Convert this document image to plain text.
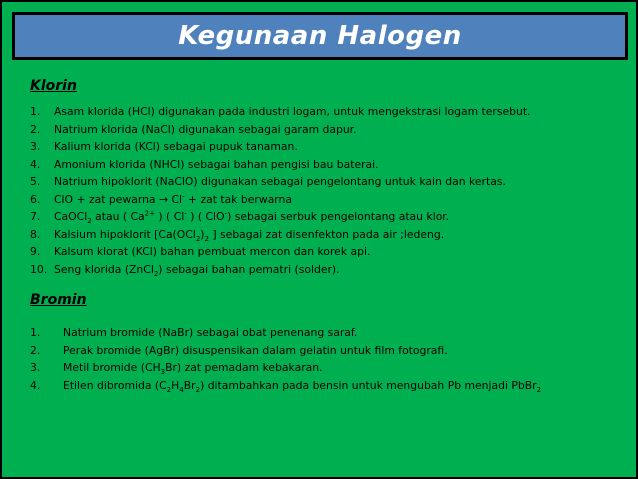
Kegunaan Halogen
Klorin
1.	Asam klorida (HCl) digunakan pada industri logam, untuk mengekstrasi logam tersebut.
2.	Natrium klorida (NaCl) digunakan sebagai garam dapur.
3.	Kalium klorida (KCl) sebagai pupuk tanaman.
4.	Amonium klorida (NHCl) sebagai bahan pengisi bau baterai.
5.	Natrium hipoklorit (NaClO) digunakan sebagai pengelontang untuk kain dan kertas.
6.	ClO + zat pewarna → Cl- + zat tak berwarna
7.	CaOCl$_2$ atau ( $Ca^{2+}$ ) ( Cl- ) ( ClO-) sebagai serbuk pengelontang atau klor.
8.	Kalsium hipoklorit [$Ca(OCl_2)_2$ ] sebagai zat disenfekton pada air ;ledeng.
9.	Kalsum klorat (KCl) bahan pembuat mercon dan korek api.
10. Seng klorida (ZnCl$_2$) sebagai bahan pematri (solder).
Bromin
1.	Natrium bromide (NaBr) sebagai obat penenang saraf.
2.	Perak bromide (AgBr) disuspensikan dalam gelatin untuk film fotografi.
3.	Metil bromide $(CH_3Br)$ zat pemadam kebakaran.
4.	Etilen dibromida $(C_2H_4Br_2)$ ditambahkan pada bensin untuk mengubah Pb menjadi PbBr$_2$
